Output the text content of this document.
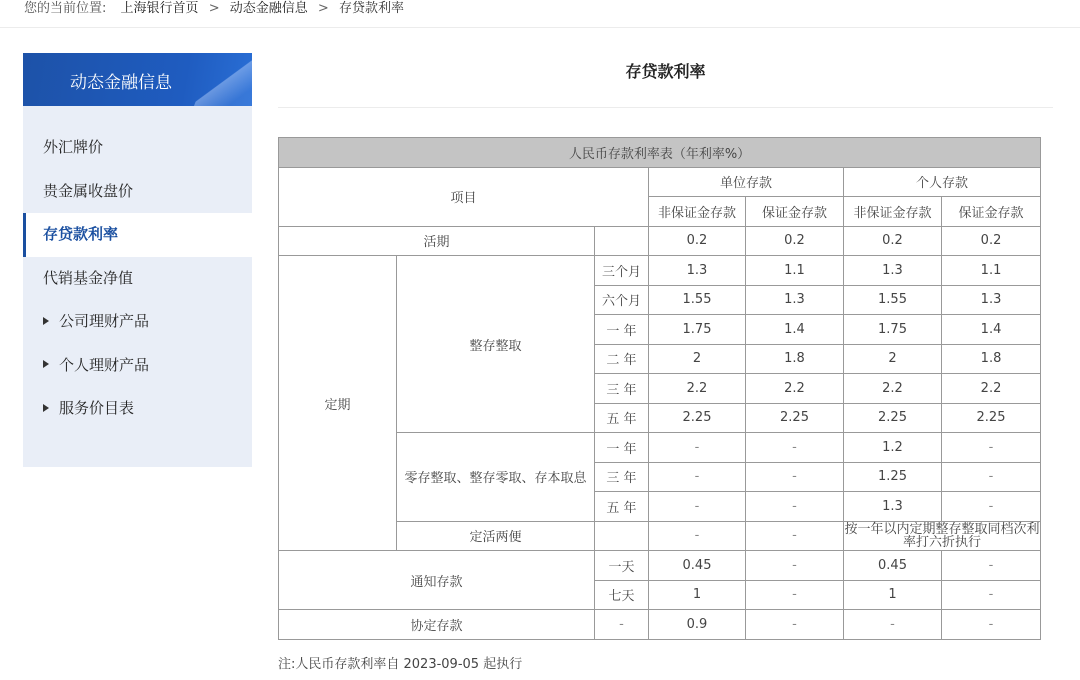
您的当前位置: 上海银行首页 > 动态金融信息 > 存贷款利率
动态金融信息
外汇牌价
贵金属收盘价
存贷款利率
代销基金净值
公司理财产品
个人理财产品
服务价目表
存贷款利率
人民币存款利率表（年利率%）						
项目			单位存款		个人存款	
			非保证金存款	保证金存款	非保证金存款	保证金存款
活期			0.2	0.2	0.2	0.2
定期	整存整取	三个月	1.3	1.1	1.3	1.1
		六个月	1.55	1.3	1.55	1.3
		一 年	1.75	1.4	1.75	1.4
		二 年	2	1.8	2	1.8
		三 年	2.2	2.2	2.2	2.2
		五 年	2.25	2.25	2.25	2.25
	零存整取、整存零取、存本取息	一 年	-	-	1.2	-
		三 年	-	-	1.25	-
		五 年	-	-	1.3	-
	定活两便		-	-	按一年以内定期整存整取同档次利率打六折执行	
通知存款		一天	0.45	-	0.45	-
		七天	1	-	1	-
协定存款		-	0.9	-	-	-
注:人民币存款利率自 2023-09-05 起执行
